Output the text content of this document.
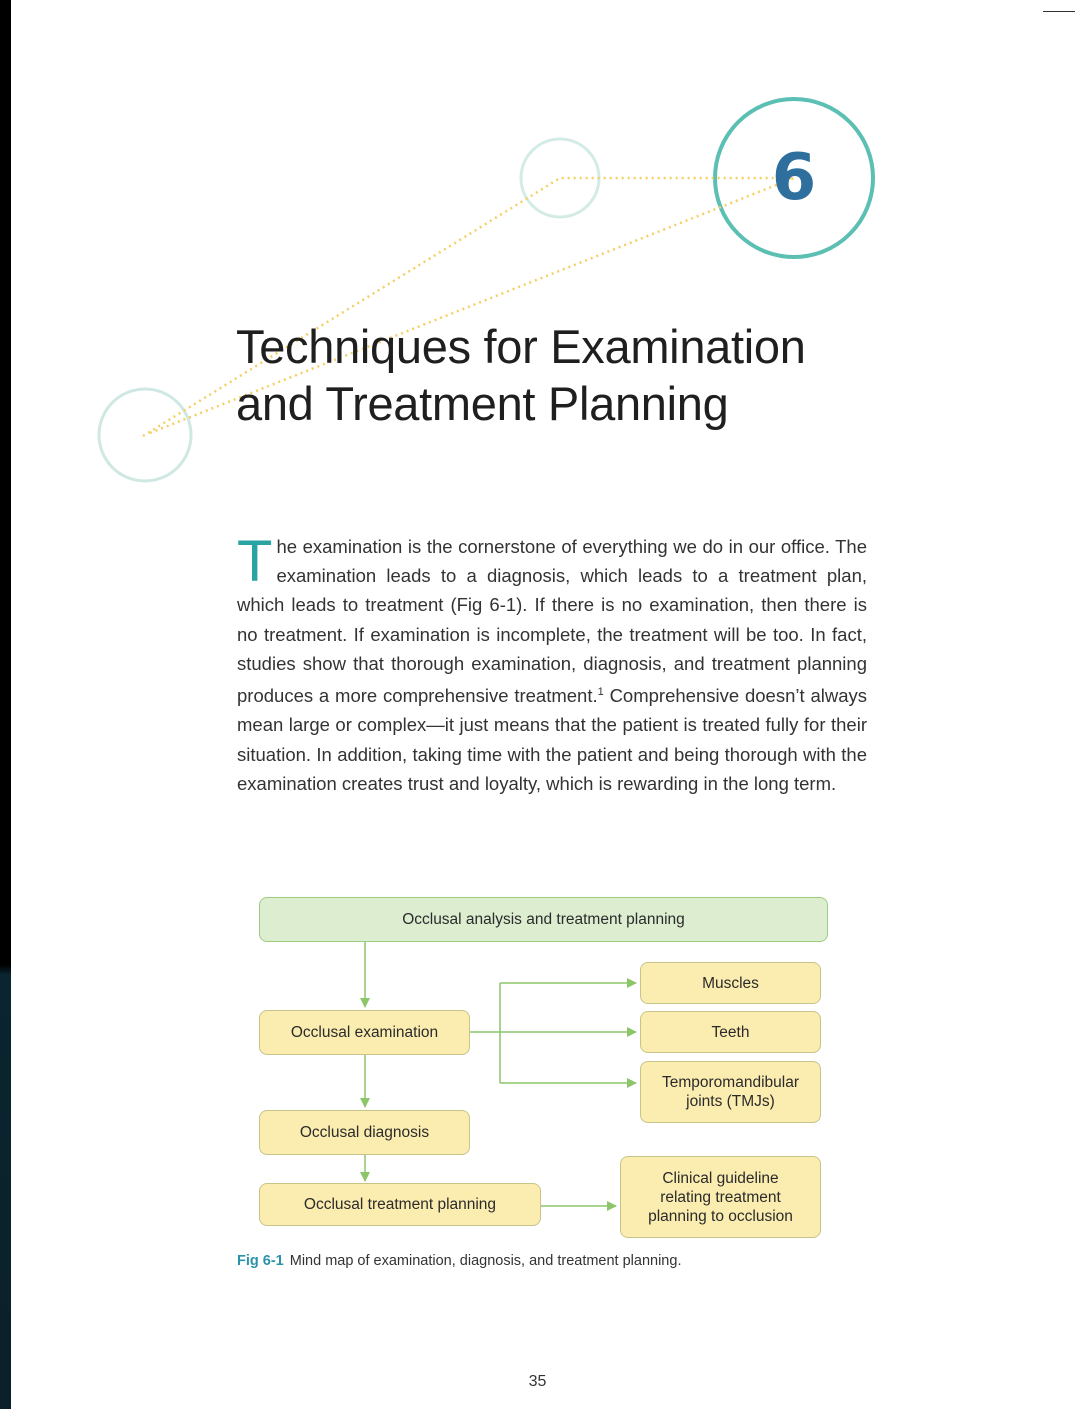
6
Techniques for Examination
and Treatment Planning

The examination is the cornerstone of everything we do in our office. The examination leads to a diagnosis, which leads to a treatment plan, which leads to treatment (Fig 6-1). If there is no examination, then there is no treatment. If examination is incomplete, the treatment will be too. In fact, studies show that thorough examination, diagnosis, and treatment planning produces a more comprehensive treatment.$^1$ Comprehensive doesn’t always mean large or complex—it just means that the patient is treated fully for their situation. In addition, taking time with the patient and being thorough with the examination creates trust and loyalty, which is rewarding in the long term.

Occlusal analysis and treatment planning
Occlusal examination
Occlusal diagnosis
Occlusal treatment planning
Muscles
Teeth
Temporomandibular joints (TMJs)
Clinical guideline relating treatment planning to occlusion

Fig 6-1 Mind map of examination, diagnosis, and treatment planning.

35
